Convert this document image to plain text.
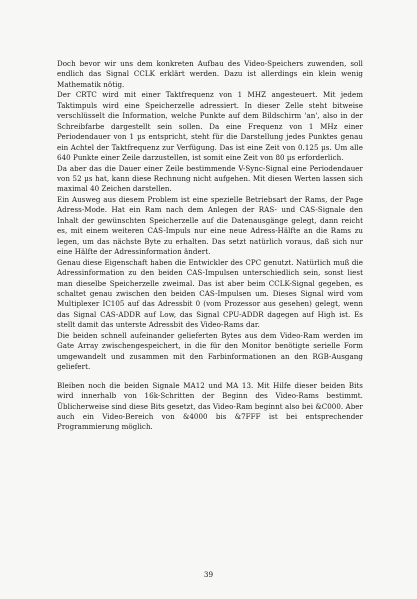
Doch bevor wir uns dem konkreten Aufbau des Video-Speichers zuwenden, soll endlich das Signal CCLK erklärt werden. Dazu ist allerdings ein klein wenig Mathematik nötig.

Der CRTC wird mit einer Taktfrequenz von 1 MHZ angesteuert. Mit jedem Taktimpuls wird eine Speicherzelle adressiert. In dieser Zelle steht bitweise verschlüsselt die Information, welche Punkte auf dem Bildschirm 'an', also in der Schreibfarbe dargestellt sein sollen. Da eine Frequenz von 1 MHz einer Periodendauer von 1 µs entspricht, steht für die Darstellung jedes Punktes genau ein Achtel der Taktfrequenz zur Verfügung. Das ist eine Zeit von 0.125 µs. Um alle 640 Punkte einer Zeile darzustellen, ist somit eine Zeit von 80 µs erforderlich.

Da aber das die Dauer einer Zeile bestimmende V-Sync-Signal eine Periodendauer von 52 µs hat, kann diese Rechnung nicht aufgehen. Mit diesen Werten lassen sich maximal 40 Zeichen darstellen.

Ein Ausweg aus diesem Problem ist eine spezielle Betriebsart der Rams, der Page Adress-Mode. Hat ein Ram nach dem Anlegen der RAS- und CAS-Signale den Inhalt der gewünschten Speicherzelle auf die Datenausgänge gelegt, dann reicht es, mit einem weiteren CAS-Impuls nur eine neue Adress-Hälfte an die Rams zu legen, um das nächste Byte zu erhalten. Das setzt natürlich voraus, daß sich nur eine Hälfte der Adressinformation ändert.

Genau diese Eigenschaft haben die Entwickler des CPC genutzt. Natürlich muß die Adressinformation zu den beiden CAS-Impulsen unterschiedlich sein, sonst liest man dieselbe Speicherzelle zweimal. Das ist aber beim CCLK-Signal gegeben, es schaltet genau zwischen den beiden CAS-Impulsen um. Dieses Signal wird vom Multiplexer IC105 auf das Adressbit 0 (vom Prozessor aus gesehen) gelegt, wenn das Signal CAS-ADDR auf Low, das Signal CPU-ADDR dagegen auf High ist. Es stellt damit das unterste Adressbit des Video-Rams dar.

Die beiden schnell aufeinander gelieferten Bytes aus dem Video-Ram werden im Gate Array zwischengespeichert, in die für den Monitor benötigte serielle Form umgewandelt und zusammen mit den Farbinformationen an den RGB-Ausgang geliefert.

Bleiben noch die beiden Signale MA12 und MA 13. Mit Hilfe dieser beiden Bits wird innerhalb von 16k-Schritten der Beginn des Video-Rams bestimmt. Üblicherweise sind diese Bits gesetzt, das Video-Ram beginnt also bei &C000. Aber auch ein Video-Bereich von &4000 bis &7FFF ist bei entsprechender Programmierung möglich.

39
